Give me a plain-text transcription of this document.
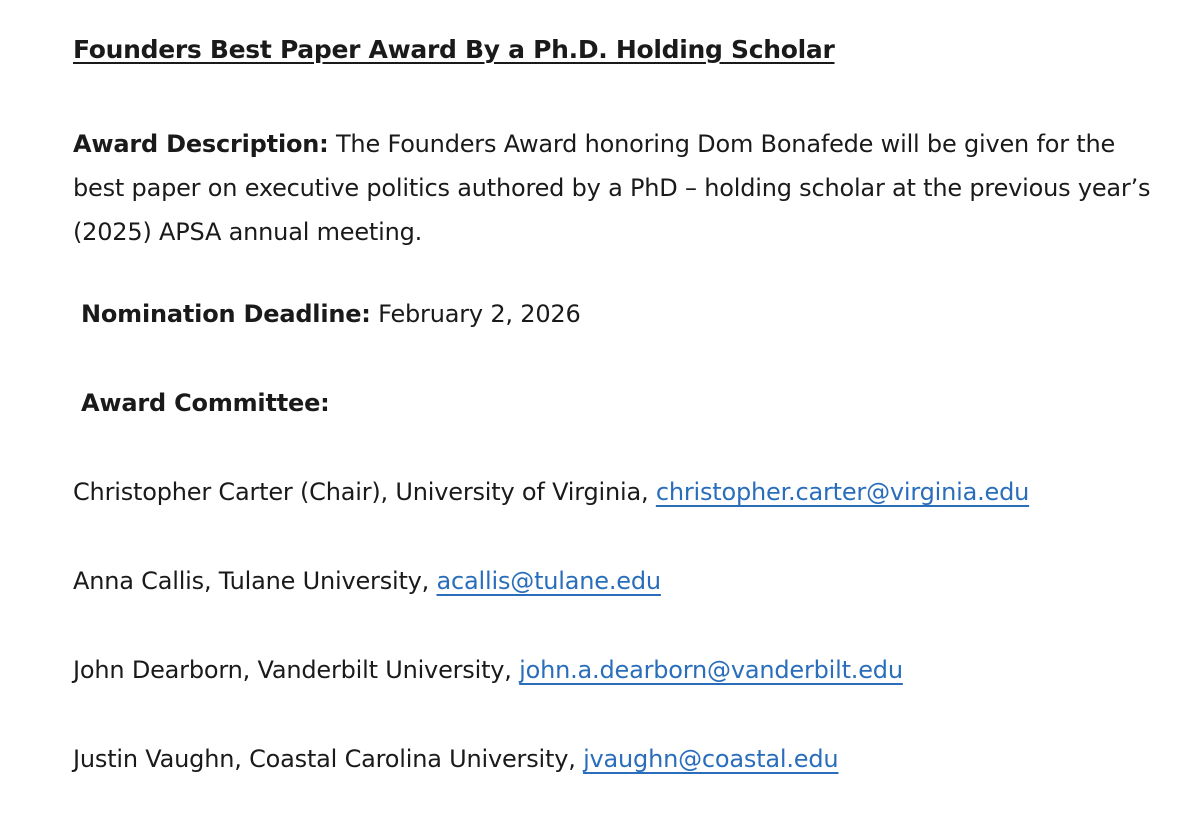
Founders Best Paper Award By a Ph.D. Holding Scholar

Award Description: The Founders Award honoring Dom Bonafede will be given for the best paper on executive politics authored by a PhD – holding scholar at the previous year’s (2025) APSA annual meeting.

Nomination Deadline: February 2, 2026

Award Committee:

Christopher Carter (Chair), University of Virginia, christopher.carter@virginia.edu

Anna Callis, Tulane University, acallis@tulane.edu

John Dearborn, Vanderbilt University, john.a.dearborn@vanderbilt.edu

Justin Vaughn, Coastal Carolina University, jvaughn@coastal.edu
